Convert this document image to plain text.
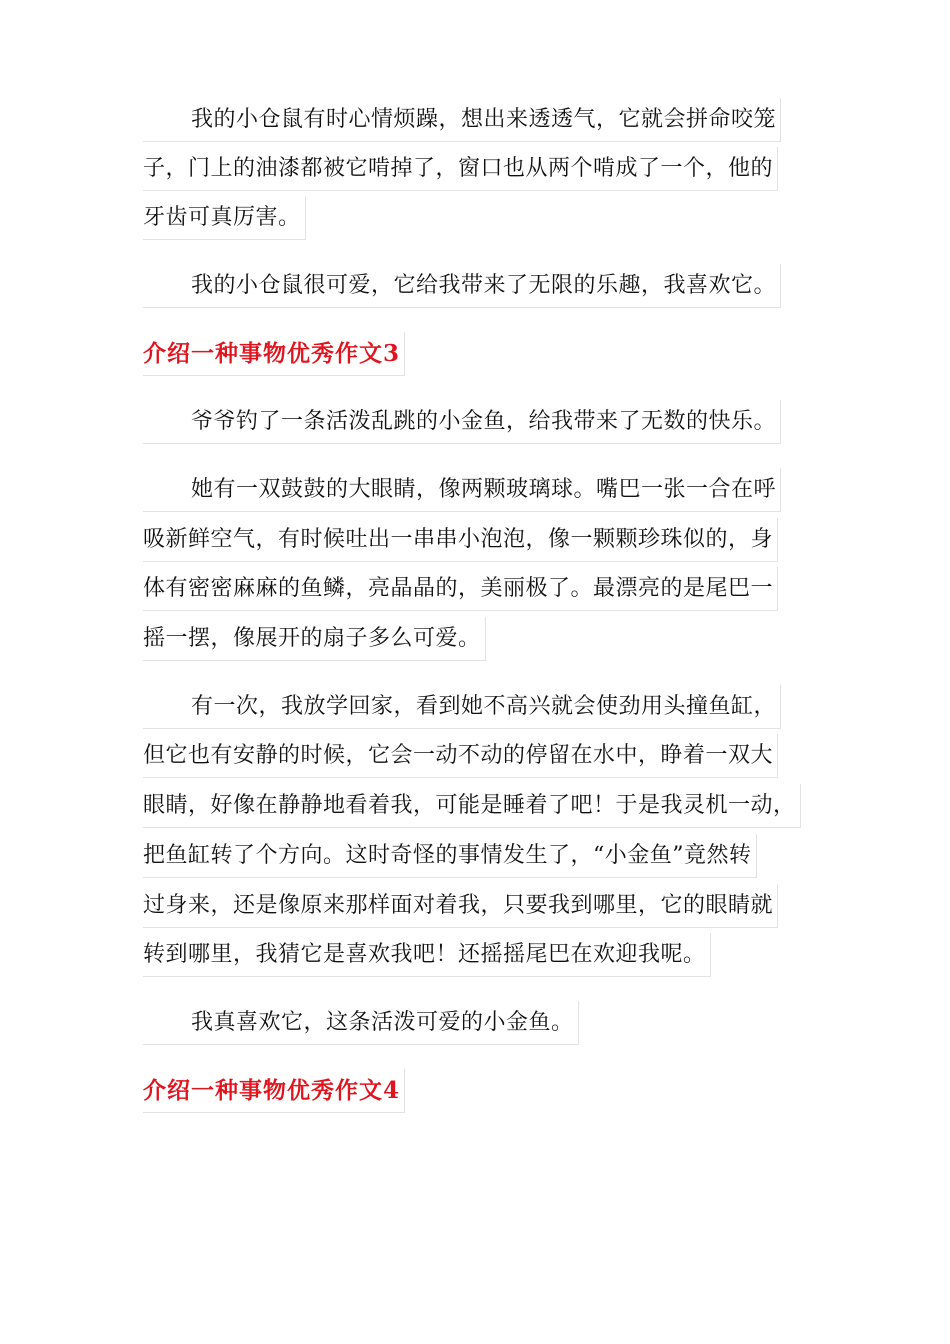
我的小仓鼠有时心情烦躁，想出来透透气，它就会拼命咬笼
子，门上的油漆都被它啃掉了，窗口也从两个啃成了一个，他的
牙齿可真厉害。
我的小仓鼠很可爱，它给我带来了无限的乐趣，我喜欢它。
介绍一种事物优秀作文3
爷爷钓了一条活泼乱跳的小金鱼，给我带来了无数的快乐。
她有一双鼓鼓的大眼睛，像两颗玻璃球。嘴巴一张一合在呼
吸新鲜空气，有时候吐出一串串小泡泡，像一颗颗珍珠似的，身
体有密密麻麻的鱼鳞，亮晶晶的，美丽极了。最漂亮的是尾巴一
摇一摆，像展开的扇子多么可爱。
有一次，我放学回家，看到她不高兴就会使劲用头撞鱼缸，
但它也有安静的时候，它会一动不动的停留在水中，睁着一双大
眼睛，好像在静静地看着我，可能是睡着了吧！于是我灵机一动，
把鱼缸转了个方向。这时奇怪的事情发生了，“小金鱼”竟然转
过身来，还是像原来那样面对着我，只要我到哪里，它的眼睛就
转到哪里，我猜它是喜欢我吧！还摇摇尾巴在欢迎我呢。
我真喜欢它，这条活泼可爱的小金鱼。
介绍一种事物优秀作文4
